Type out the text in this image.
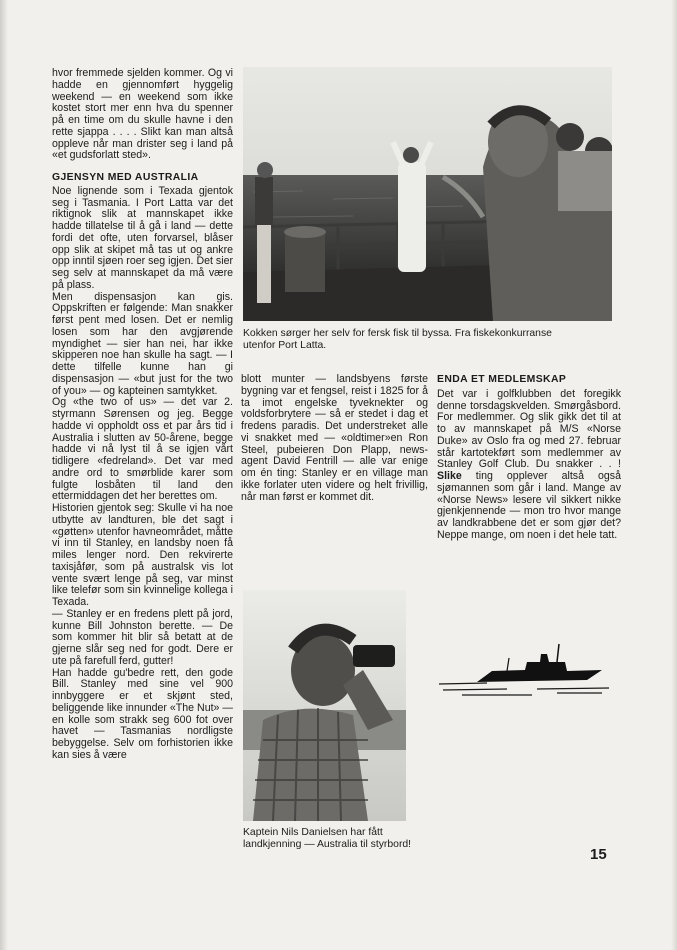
hvor fremmede sjelden kommer. Og vi hadde en gjennomført hyggelig weekend — en weekend som ikke kostet stort mer enn hva du spenner på en time om du skulle havne i den rette sjappa . . . . Slikt kan man altså oppleve når man drister seg i land på «et gudsforlatt sted».

GJENSYN MED AUSTRALIA

Noe lignende som i Texada gjentok seg i Tasmania. I Port Latta var det riktignok slik at mannskapet ikke hadde tillatelse til å gå i land — dette fordi det ofte, uten forvarsel, blåser opp slik at skipet må tas ut og ankre opp inntil sjøen roer seg igjen. Det sier seg selv at mannskapet da må være på plass.

Men dispensasjon kan gis. Oppskriften er følgende: Man snakker først pent med losen. Det er nemlig losen som har den avgjørende myndighet — sier han nei, har ikke skipperen noe han skulle ha sagt. — I dette tilfelle kunne han gi dispensasjon — «but just for the two of you» — og kapteinen samtykket.

Og «the two of us» — det var 2. styrmann Sørensen og jeg. Begge hadde vi oppholdt oss et par års tid i Australia i slutten av 50-årene, begge hadde vi nå lyst til å se igjen vårt tidligere «fedreland». Det var med andre ord to smørblide karer som fulgte losbåten til land den ettermiddagen det her berettes om.

Historien gjentok seg: Skulle vi ha noe utbytte av landturen, ble det sagt i «gøtten» utenfor havneområdet, måtte vi inn til Stanley, en landsby noen få miles lenger nord. Den rekvirerte taxisjåfør, som på australsk vis lot vente svært lenge på seg, var minst like telefør som sin kvinnelige kollega i Texada.

— Stanley er en fredens plett på jord, kunne Bill Johnston berette. — De som kommer hit blir så betatt at de gjerne slår seg ned for godt. Dere er ute på farefull ferd, gutter!

Han hadde gu'bedre rett, den gode Bill. Stanley med sine vel 900 innbyggere er et skjønt sted, beliggende like innunder «The Nut» — en kolle som strakk seg 600 fot over havet — Tasmanias nordligste bebyggelse. Selv om forhistorien ikke kan sies å være

Kokken sørger her selv for fersk fisk til byssa. Fra fiskekonkurranse utenfor Port Latta.

blott munter — landsbyens første bygning var et fengsel, reist i 1825 for å ta imot engelske tyveknekter og voldsforbrytere — så er stedet i dag et fredens paradis. Det understreket alle vi snakket med — «oldtimer»en Ron Steel, pubeieren Don Plapp, news-agent David Fentrill — alle var enige om én ting: Stanley er en village man ikke forlater uten videre og helt frivillig, når man først er kommet dit.

ENDA ET MEDLEMSKAP

Det var i golfklubben det foregikk denne torsdagskvelden. Smørgåsbord. For medlemmer. Og slik gikk det til at to av mannskapet på M/S «Norse Duke» av Oslo fra og med 27. februar står kartotekført som medlemmer av Stanley Golf Club. Du snakker . . ! Slike ting opplever altså også sjømannen som går i land. Mange av «Norse News» lesere vil sikkert nikke gjenkjennende — mon tro hvor mange av landkrabbene det er som gjør det? Neppe mange, om noen i det hele tatt.

Kaptein Nils Danielsen har fått landkjenning — Australia til styrbord!
15
